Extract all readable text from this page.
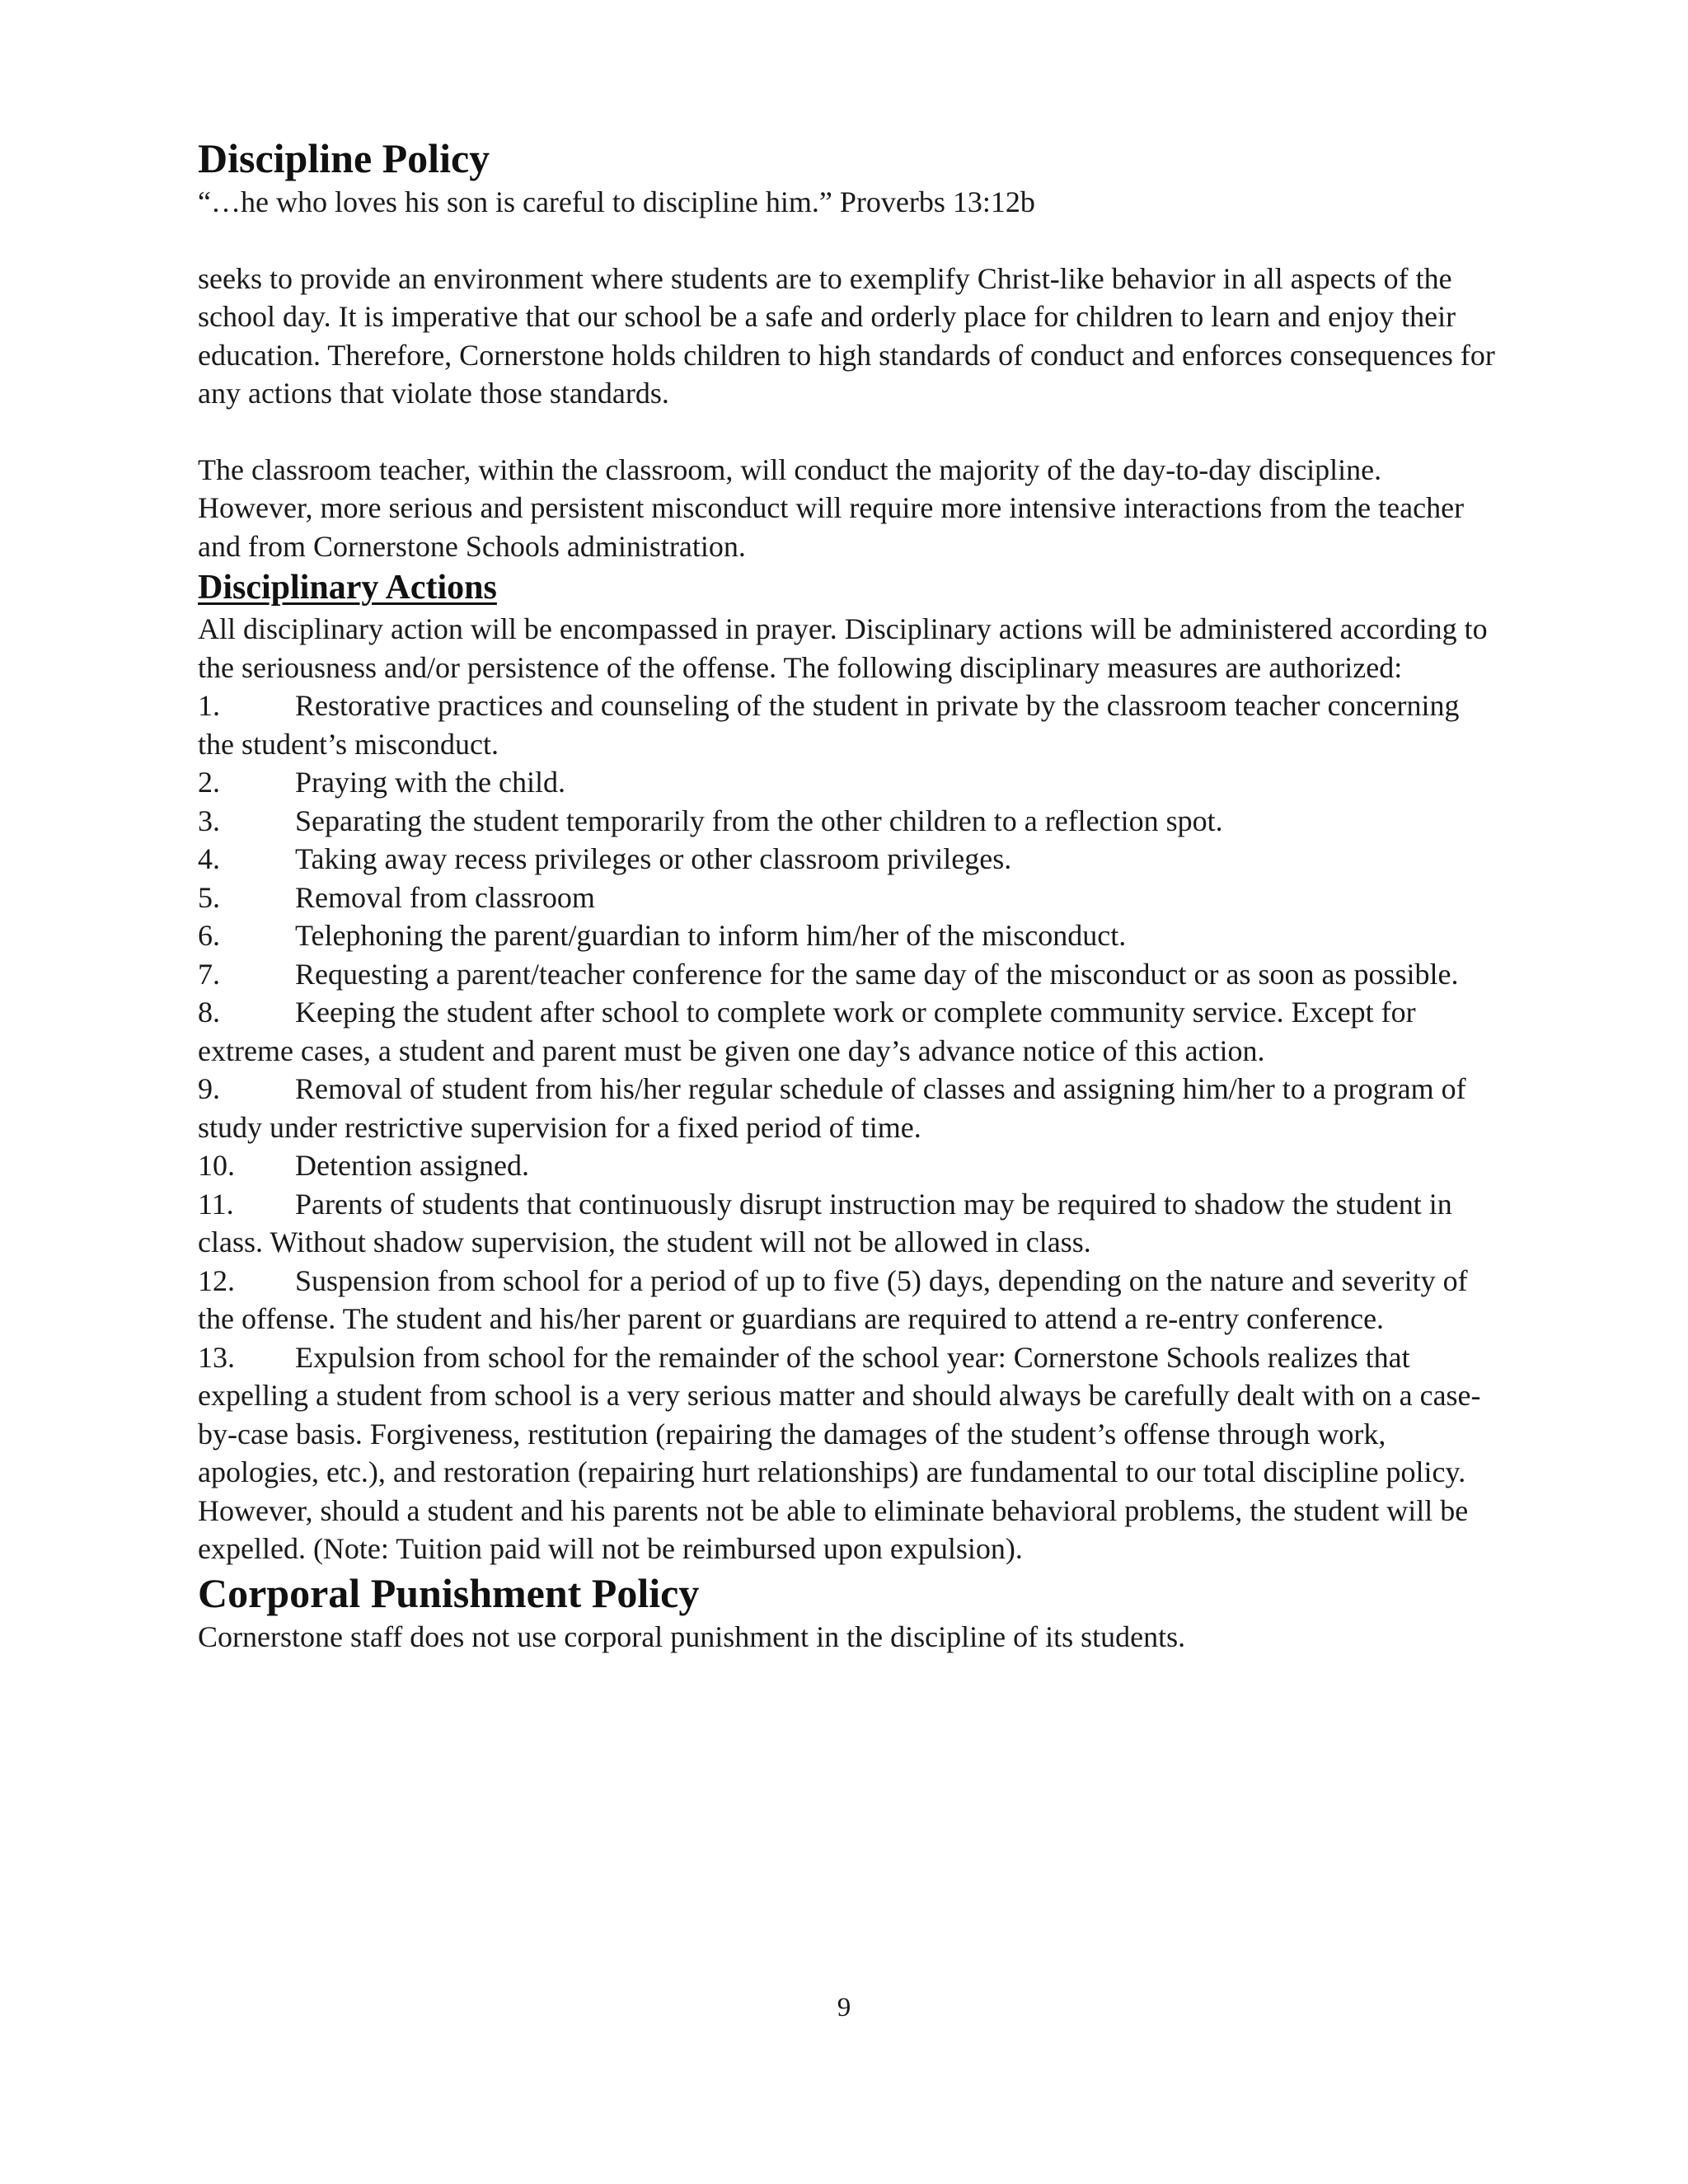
Discipline Policy

“…he who loves his son is careful to discipline him.” Proverbs 13:12b

seeks to provide an environment where students are to exemplify Christ-like behavior in all aspects of the school day. It is imperative that our school be a safe and orderly place for children to learn and enjoy their education. Therefore, Cornerstone holds children to high standards of conduct and enforces consequences for any actions that violate those standards.

The classroom teacher, within the classroom, will conduct the majority of the day-to-day discipline. However, more serious and persistent misconduct will require more intensive interactions from the teacher and from Cornerstone Schools administration.

Disciplinary Actions

All disciplinary action will be encompassed in prayer. Disciplinary actions will be administered according to the seriousness and/or persistence of the offense. The following disciplinary measures are authorized:

1.	Restorative practices and counseling of the student in private by the classroom teacher concerning the student’s misconduct.
2.	Praying with the child.
3.	Separating the student temporarily from the other children to a reflection spot.
4.	Taking away recess privileges or other classroom privileges.
5.	Removal from classroom
6.	Telephoning the parent/guardian to inform him/her of the misconduct.
7.	Requesting a parent/teacher conference for the same day of the misconduct or as soon as possible.
8.	Keeping the student after school to complete work or complete community service. Except for extreme cases, a student and parent must be given one day’s advance notice of this action.
9.	Removal of student from his/her regular schedule of classes and assigning him/her to a program of study under restrictive supervision for a fixed period of time.
10. Detention assigned.
11. Parents of students that continuously disrupt instruction may be required to shadow the student in class. Without shadow supervision, the student will not be allowed in class.
12. Suspension from school for a period of up to five (5) days, depending on the nature and severity of the offense. The student and his/her parent or guardians are required to attend a re-entry conference.
13. Expulsion from school for the remainder of the school year: Cornerstone Schools realizes that expelling a student from school is a very serious matter and should always be carefully dealt with on a case-by-case basis. Forgiveness, restitution (repairing the damages of the student’s offense through work, apologies, etc.), and restoration (repairing hurt relationships) are fundamental to our total discipline policy. However, should a student and his parents not be able to eliminate behavioral problems, the student will be expelled. (Note: Tuition paid will not be reimbursed upon expulsion).
Corporal Punishment Policy

Cornerstone staff does not use corporal punishment in the discipline of its students.

9
